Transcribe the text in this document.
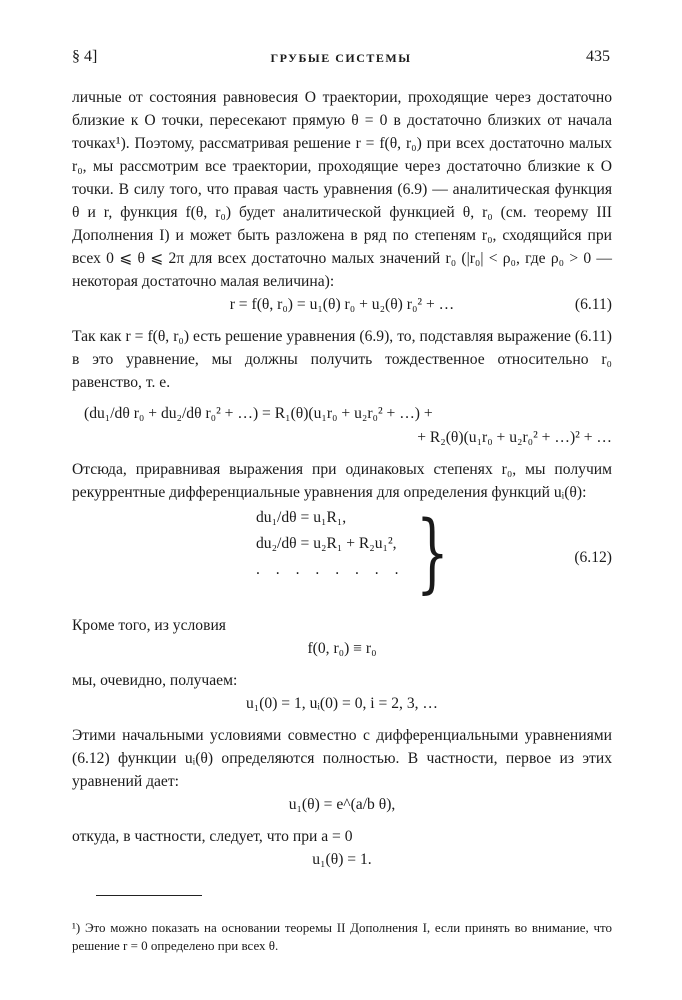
§ 4]	ГРУБЫЕ СИСТЕМЫ	435

личные от состояния равновесия O траектории, проходящие через достаточно близкие к O точки, пересекают прямую θ = 0 в достаточно близких от начала точках¹). Поэтому, рассматривая решение r = f(θ, r₀) при всех достаточно малых r₀, мы рассмотрим все траектории, проходящие через достаточно близкие к O точки. В силу того, что правая часть уравнения (6.9) — аналитическая функция θ и r, функция f(θ, r₀) будет аналитической функцией θ, r₀ (см. теорему III Дополнения I) и может быть разложена в ряд по степеням r₀, сходящийся при всех 0 ⩽ θ ⩽ 2π для всех достаточно малых значений r₀ (|r₀| < ρ₀, где ρ₀ > 0 — некоторая достаточно малая величина):

r = f(θ, r₀) = u₁(θ) r₀ + u₂(θ) r₀² + …	(6.11)

Так как r = f(θ, r₀) есть решение уравнения (6.9), то, подставляя выражение (6.11) в это уравнение, мы должны получить тождественное относительно r₀ равенство, т. е.

(du₁/dθ r₀ + du₂/dθ r₀² + …) = R₁(θ)(u₁r₀ + u₂r₀² + …) +
+ R₂(θ)(u₁r₀ + u₂r₀² + …)² + …

Отсюда, приравнивая выражения при одинаковых степенях r₀, мы получим рекуррентные дифференциальные уравнения для определения функций uᵢ(θ):

du₁/dθ = u₁R₁,
du₂/dθ = u₂R₁ + R₂u₁²,
. . . . . . . . }	(6.12)

Кроме того, из условия

f(0, r₀) ≡ r₀

мы, очевидно, получаем:

u₁(0) = 1, uᵢ(0) = 0, i = 2, 3, …

Этими начальными условиями совместно с дифференциальными уравнениями (6.12) функции uᵢ(θ) определяются полностью. В частности, первое из этих уравнений дает:

u₁(θ) = e^(a/b θ),

откуда, в частности, следует, что при a = 0

u₁(θ) = 1.

¹) Это можно показать на основании теоремы II Дополнения I, если принять во внимание, что решение r = 0 определено при всех θ.
